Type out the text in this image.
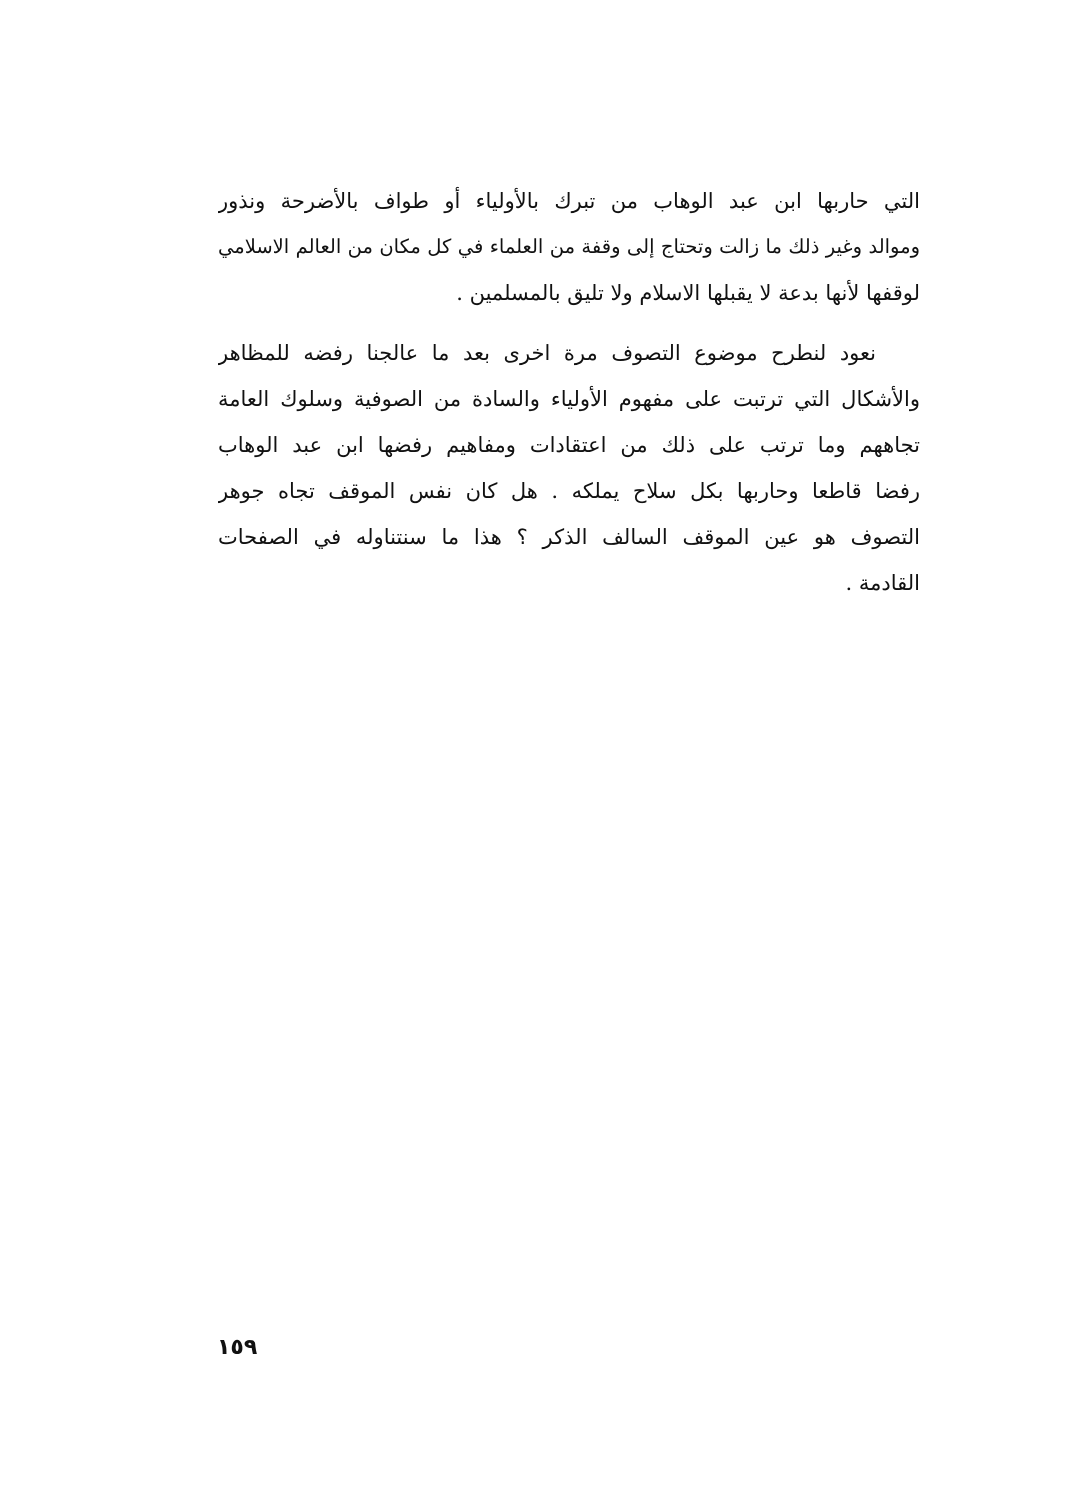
التي حاربها ابن عبد الوهاب من تبرك بالأولياء أو طواف بالأضرحة ونذور
وموالد وغير ذلك ما زالت وتحتاج إلى وقفة من العلماء في كل مكان من العالم الاسلامي
لوقفها لأنها بدعة لا يقبلها الاسلام ولا تليق بالمسلمين .
نعود لنطرح موضوع التصوف مرة اخرى بعد ما عالجنا رفضه للمظاهر
والأشكال التي ترتبت على مفهوم الأولياء والسادة من الصوفية وسلوك العامة
تجاههم وما ترتب على ذلك من اعتقادات ومفاهيم رفضها ابن عبد الوهاب
رفضا قاطعا وحاربها بكل سلاح يملكه . هل كان نفس الموقف تجاه جوهر
التصوف هو عين الموقف السالف الذكر ؟ هذا ما سنتناوله في الصفحات
القادمة .
١٥٩
